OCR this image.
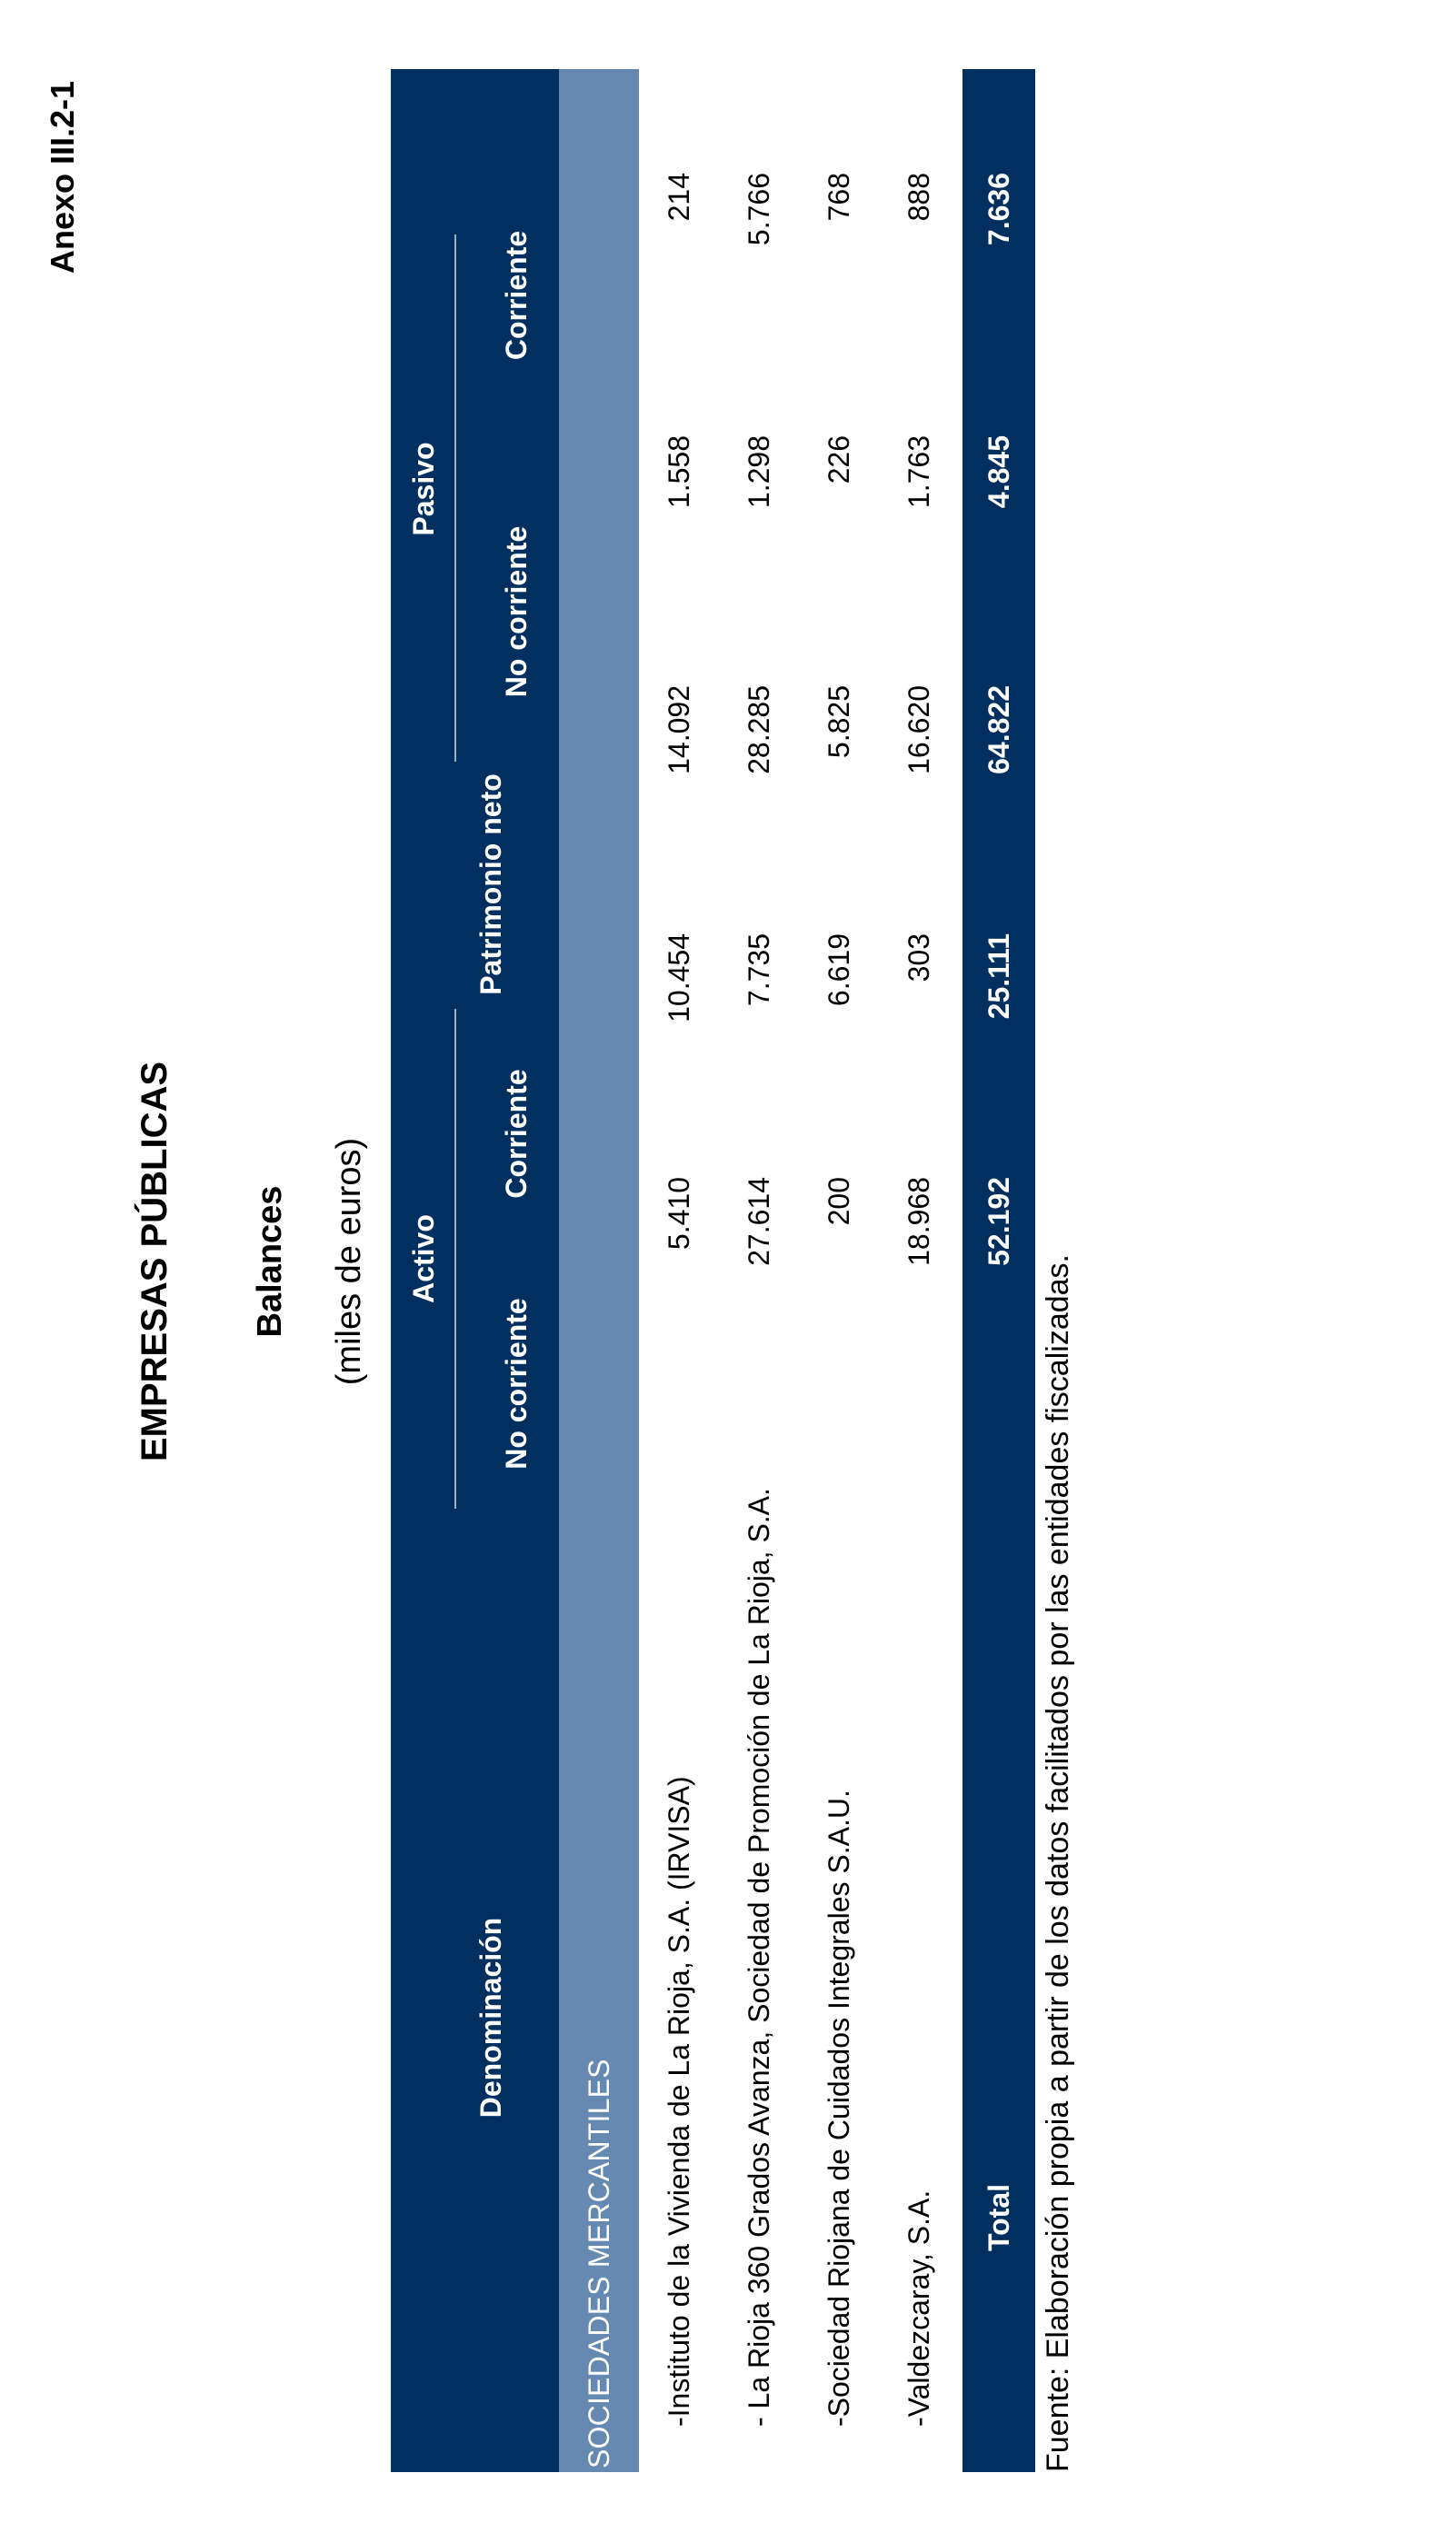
Anexo III.2-1
EMPRESAS PÚBLICAS Balances (miles de euros)
Denominación
Activo
No corriente
Corriente
Patrimonio neto
Pasivo
No corriente
Corriente
SOCIEDADES MERCANTILES	-Instituto de la Vivienda de La Rioja, S.A. (IRVISA)
5.410
10.454
14.092
1.558
214
- La Rioja 360 Grados Avanza, Sociedad de Promoción de La Rioja, S.A.
27.614
7.735
28.285
1.298
5.766
-Sociedad Riojana de Cuidados Integrales S.A.U.
200
6.619
5.825
226
768
-Valdezcaray, S.A.
18.968
303
16.620
1.763
888
Total
52.192
25.111
64.822
4.845
7.636
Fuente: Elaboración propia a partir de los datos facilitados por las entidades fiscalizadas.
